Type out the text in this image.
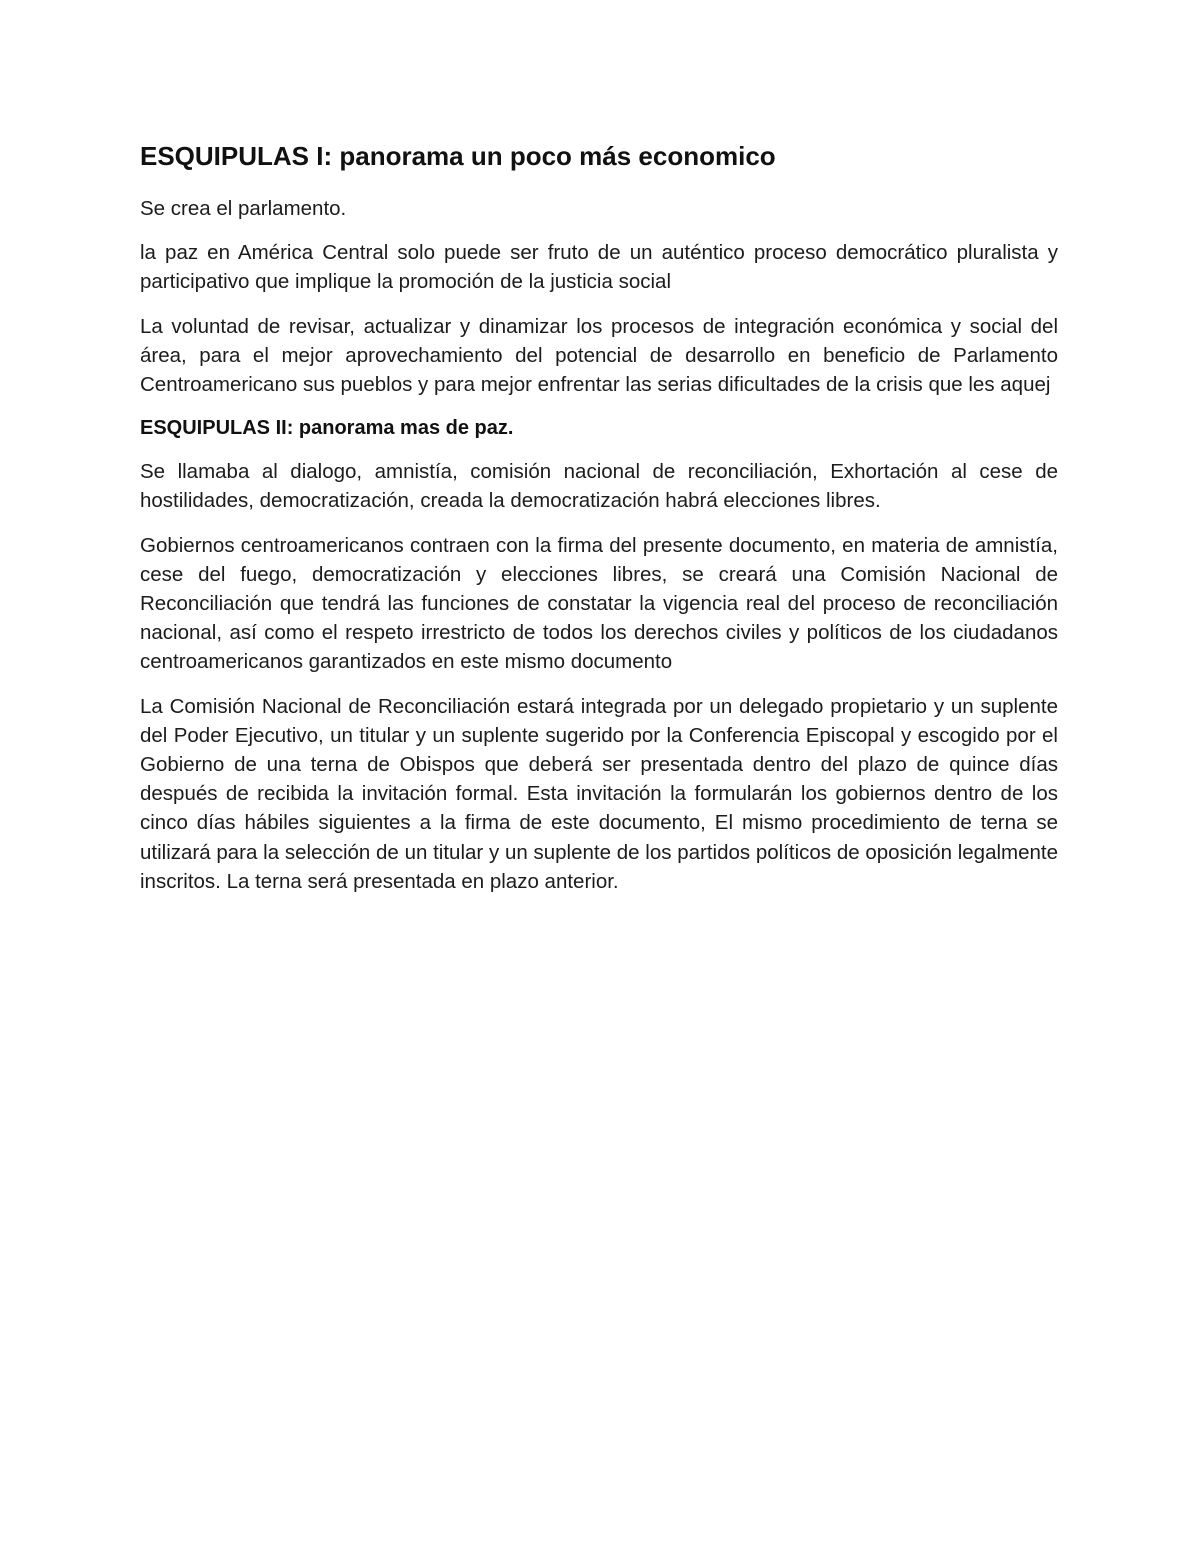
ESQUIPULAS I: panorama un poco más economico

Se crea el parlamento.

la paz en América Central solo puede ser fruto de un auténtico proceso democrático pluralista y participativo que implique la promoción de la justicia social

La voluntad de revisar, actualizar y dinamizar los procesos de integración económica y social del área, para el mejor aprovechamiento del potencial de desarrollo en beneficio de Parlamento Centroamericano sus pueblos y para mejor enfrentar las serias dificultades de la crisis que les aquej

ESQUIPULAS II: panorama mas de paz.

Se llamaba al dialogo, amnistía, comisión nacional de reconciliación, Exhortación al cese de hostilidades, democratización, creada la democratización habrá elecciones libres.

Gobiernos centroamericanos contraen con la firma del presente documento, en materia de amnistía, cese del fuego, democratización y elecciones libres, se creará una Comisión Nacional de Reconciliación que tendrá las funciones de constatar la vigencia real del proceso de reconciliación nacional, así como el respeto irrestricto de todos los derechos civiles y políticos de los ciudadanos centroamericanos garantizados en este mismo documento

La Comisión Nacional de Reconciliación estará integrada por un delegado propietario y un suplente del Poder Ejecutivo, un titular y un suplente sugerido por la Conferencia Episcopal y escogido por el Gobierno de una terna de Obispos que deberá ser presentada dentro del plazo de quince días después de recibida la invitación formal. Esta invitación la formularán los gobiernos dentro de los cinco días hábiles siguientes a la firma de este documento, El mismo procedimiento de terna se utilizará para la selección de un titular y un suplente de los partidos políticos de oposición legalmente inscritos. La terna será presentada en plazo anterior.
